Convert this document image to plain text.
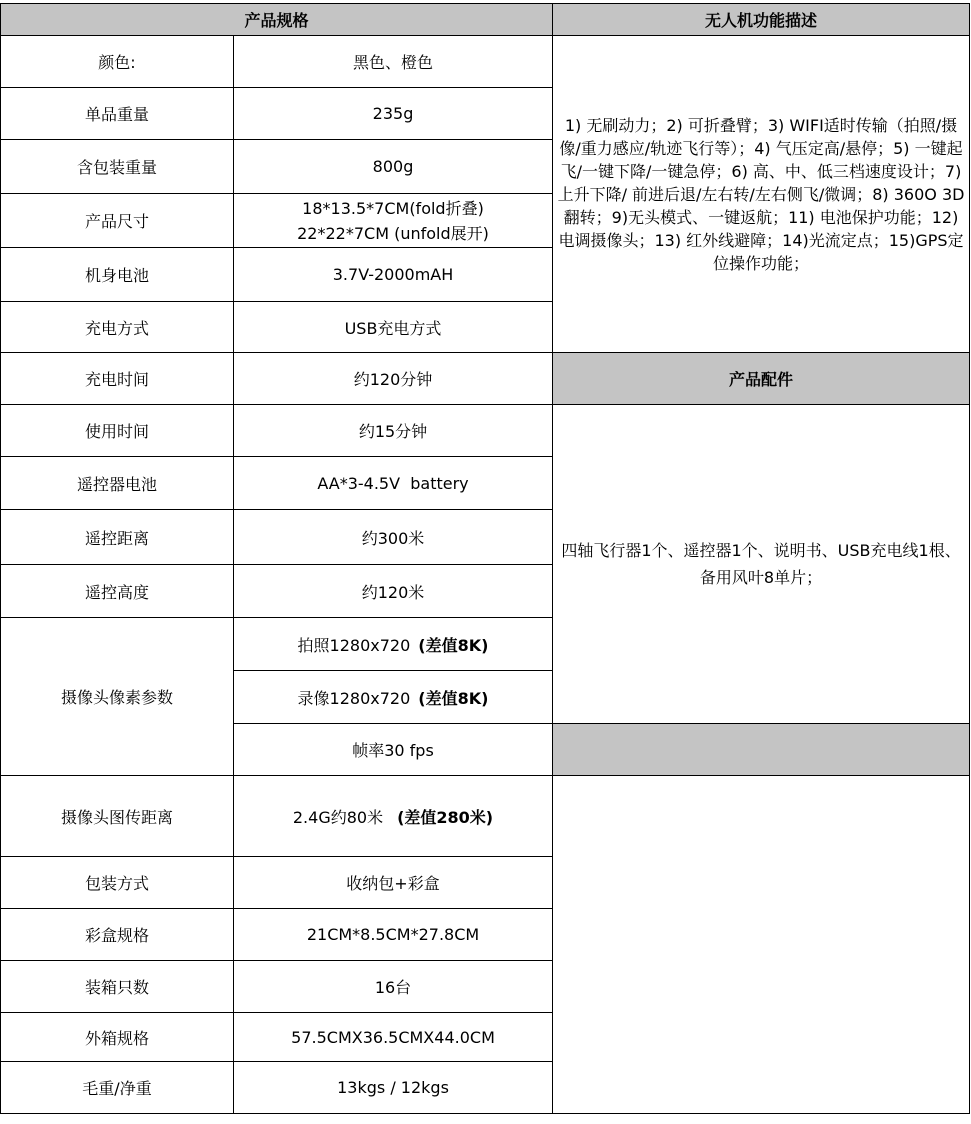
产品规格		无人机功能描述
颜色:	黑色、橙色	1) 无刷动力；2) 可折叠臂；3) WIFI适时传输（拍照/摄像/重力感应/轨迹飞行等）；4) 气压定高/悬停；5) 一键起飞/一键下降/一键急停；6) 高、中、低三档速度设计；7) 上升下降/ 前进后退/左右转/左右侧飞/微调；8) 360O 3D翻转；9)无头模式、一键返航；11) 电池保护功能；12) 电调摄像头；13) 红外线避障；14)光流定点；15)GPS定位操作功能；
单品重量	235g	
含包装重量	800g	
产品尺寸	18*13.5*7CM(fold折叠)
22*22*7CM (unfold展开)	
机身电池	3.7V-2000mAH	
充电方式	USB充电方式	
充电时间	约120分钟	产品配件
使用时间	约15分钟	四轴飞行器1个、遥控器1个、说明书、USB充电线1根、备用风叶8单片；
遥控器电池	AA*3-4.5V  battery	
遥控距离	约300米	
遥控高度	约120米	
摄像头像素参数	拍照1280x720 (差值8K)	
	录像1280x720 (差值8K)	
	帧率30 fps	
摄像头图传距离	2.4G约80米 (差值280米)	
包装方式	收纳包+彩盒	
彩盒规格	21CM*8.5CM*27.8CM	
装箱只数	16台	
外箱规格	57.5CMX36.5CMX44.0CM	
毛重/净重	13kgs / 12kgs	
